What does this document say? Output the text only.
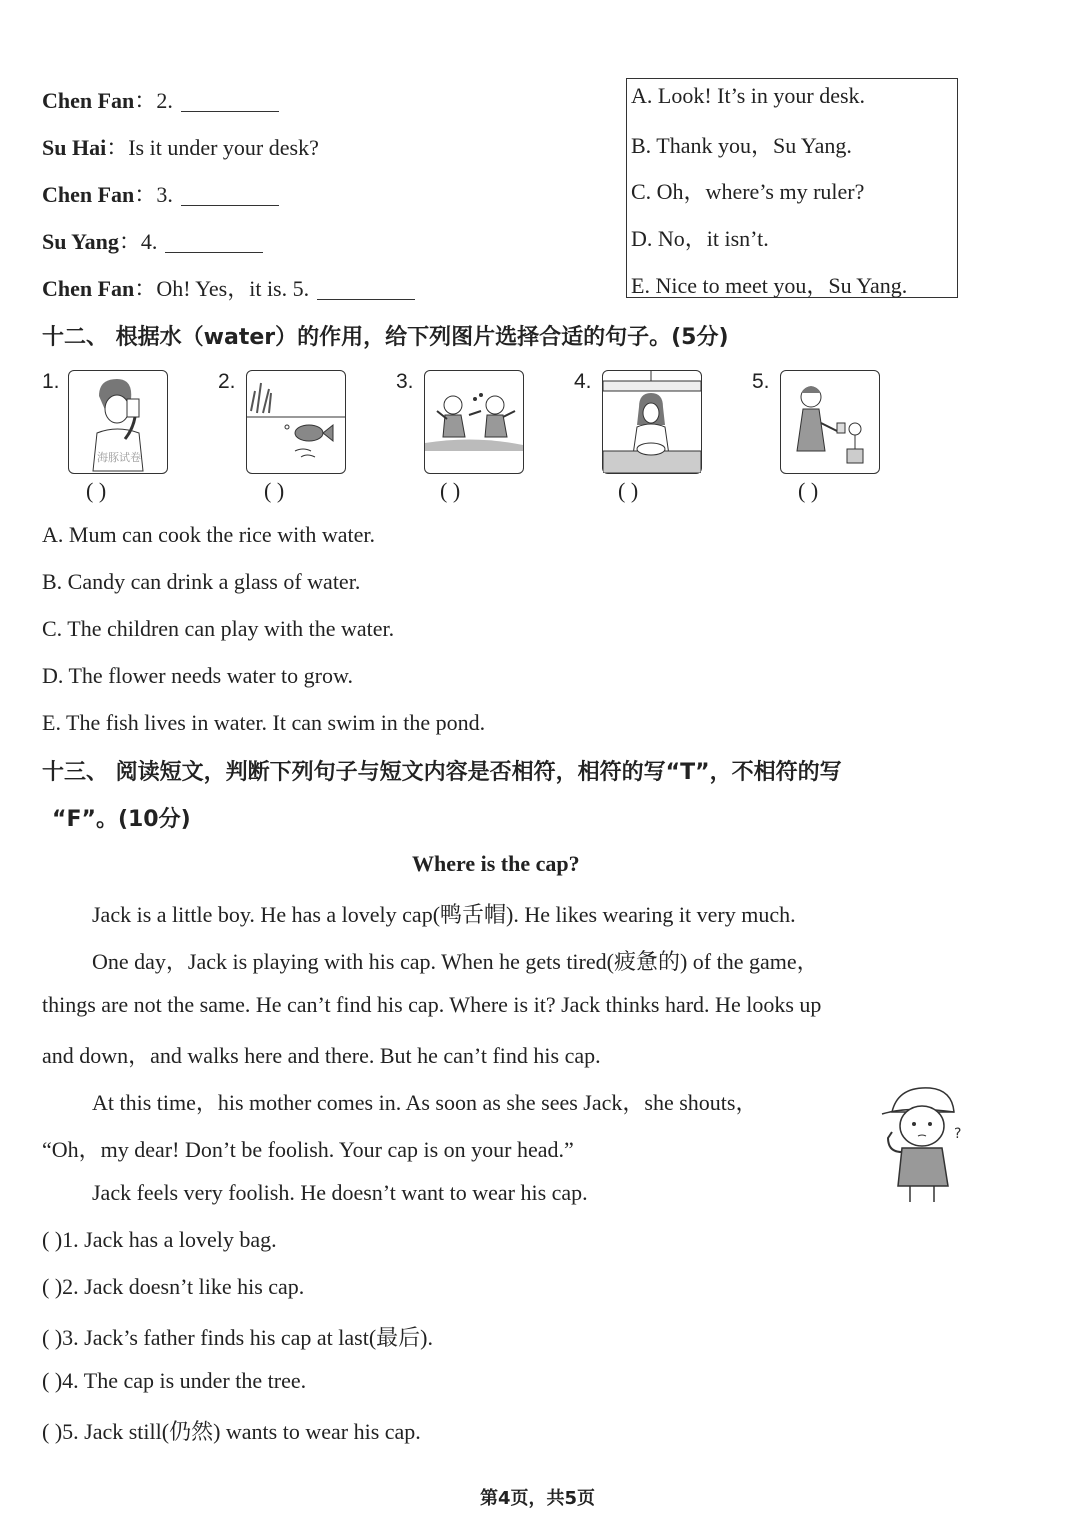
Chen Fan：2.
Su Hai：Is it under your desk?
Chen Fan：3.
Su Yang：4.
Chen Fan：Oh! Yes，it is. 5.
A. Look! It’s in your desk.
B. Thank you，Su Yang.
C. Oh，where’s my ruler?
D. No，it isn’t.
E. Nice to meet you，Su Yang.
十二、 根据水（water）的作用，给下列图片选择合适的句子。(5分)
1.
海豚试卷
2.	3.	4.	5.
( )	( )	( )	( )	( )
A. Mum can cook the rice with water.
B. Candy can drink a glass of water.
C. The children can play with the water.
D. The flower needs water to grow.
E. The fish lives in water. It can swim in the pond.
十三、 阅读短文，判断下列句子与短文内容是否相符，相符的写“T”，不相符的写
“F”。(10分)
Where is the cap?
Jack is a little boy. He has a lovely cap(鸭舌帽). He likes wearing it very much.
One day，Jack is playing with his cap. When he gets tired(疲惫的) of the game，
things are not the same. He can’t find his cap. Where is it? Jack thinks hard. He looks up
and down，and walks here and there. But he can’t find his cap.
At this time，his mother comes in. As soon as she sees Jack，she shouts，
“Oh，my dear! Don’t be foolish. Your cap is on your head.”
Jack feels very foolish. He doesn’t want to wear his cap.
?
( )1. Jack has a lovely bag.
( )2. Jack doesn’t like his cap.
( )3. Jack’s father finds his cap at last(最后).
( )4. The cap is under the tree.
( )5. Jack still(仍然) wants to wear his cap.
第4页，共5页
